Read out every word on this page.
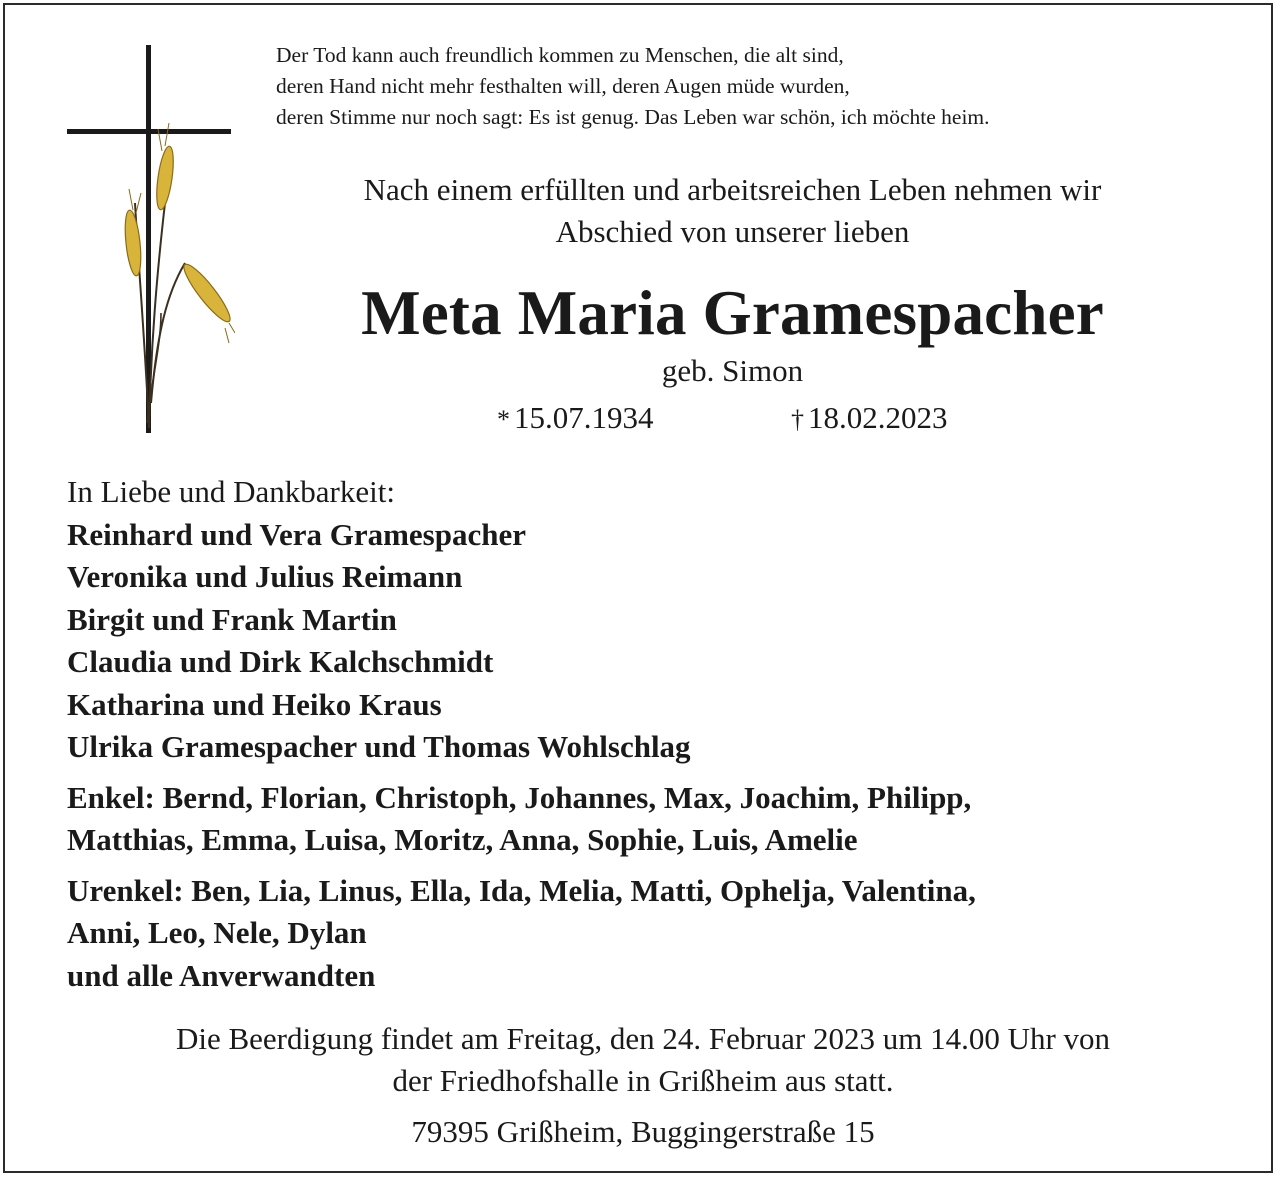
Der Tod kann auch freundlich kommen zu Menschen, die alt sind,
deren Hand nicht mehr festhalten will, deren Augen müde wurden,
deren Stimme nur noch sagt: Es ist genug. Das Leben war schön, ich möchte heim.
Nach einem erfüllten und arbeitsreichen Leben nehmen wir
Abschied von unserer lieben
Meta Maria Gramespacher
geb. Simon
* 15.07.1934	† 18.02.2023
In Liebe und Dankbarkeit:
Reinhard und Vera Gramespacher
Veronika und Julius Reimann
Birgit und Frank Martin
Claudia und Dirk Kalchschmidt
Katharina und Heiko Kraus
Ulrika Gramespacher und Thomas Wohlschlag
Enkel: Bernd, Florian, Christoph, Johannes, Max, Joachim, Philipp,
Matthias, Emma, Luisa, Moritz, Anna, Sophie, Luis, Amelie
Urenkel: Ben, Lia, Linus, Ella, Ida, Melia, Matti, Ophelja, Valentina,
Anni, Leo, Nele, Dylan
und alle Anverwandten
Die Beerdigung findet am Freitag, den 24. Februar 2023 um 14.00 Uhr von
der Friedhofshalle in Grißheim aus statt.
79395 Grißheim, Buggingerstraße 15
